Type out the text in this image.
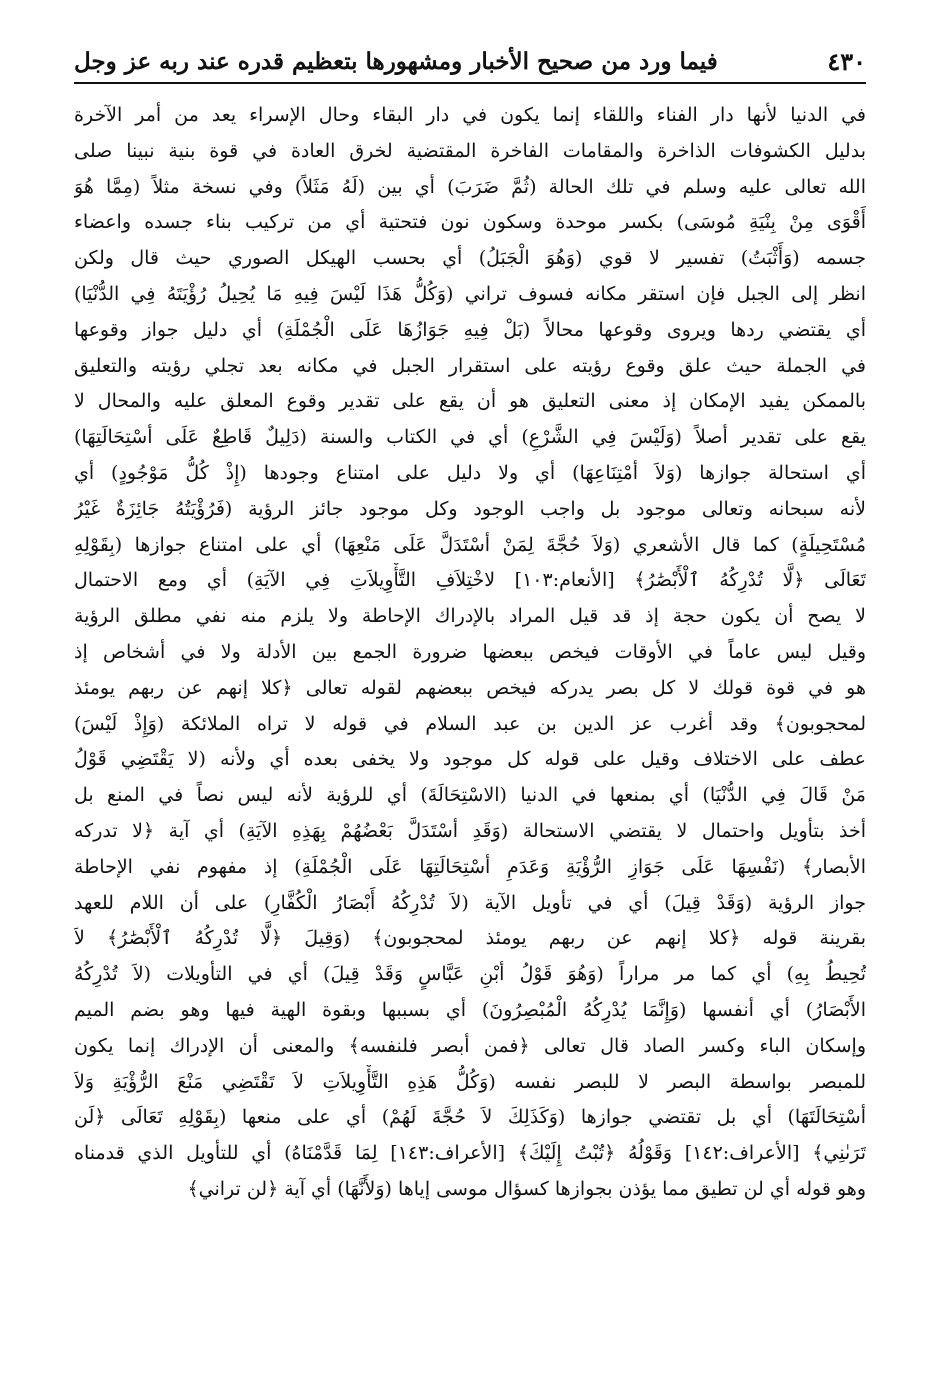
٤٣٠
فيما ورد من صحيح الأخبار ومشهورها بتعظيم قدره عند ربه عز وجل
في الدنيا لأنها دار الفناء واللقاء إنما يكون في دار البقاء وحال الإسراء يعد من أمر الآخرة
بدليل الكشوفات الذاخرة والمقامات الفاخرة المقتضية لخرق العادة في قوة بنية نبينا صلى
الله تعالى عليه وسلم في تلك الحالة (ثُمَّ ضَرَبَ) أي بين (لَهُ مَثَلاً) وفي نسخة مثلاً (مِمَّا هُوَ
أَقْوَى مِنْ بِنْيَةِ مُوسَى) بكسر موحدة وسكون نون فتحتية أي من تركيب بناء جسده واعضاء
جسمه (وَأَثْبَتُ) تفسير لا قوي (وَهُوَ الْجَبَلُ) أي بحسب الهيكل الصوري حيث قال ولكن
انظر إلى الجبل فإن استقر مكانه فسوف تراني (وَكُلُّ هَذَا لَيْسَ فِيهِ مَا يُحِيلُ رُؤْيَتَهُ فِي الدُّنْيَا)
أي يقتضي ردها ويروى وقوعها محالاً (بَلْ فِيهِ جَوَازُهَا عَلَى الْجُمْلَةِ) أي دليل جواز وقوعها
في الجملة حيث علق وقوع رؤيته على استقرار الجبل في مكانه بعد تجلي رؤيته والتعليق
بالممكن يفيد الإمكان إذ معنى التعليق هو أن يقع على تقدير وقوع المعلق عليه والمحال لا
يقع على تقدير أصلاً (وَلَيْسَ فِي الشَّرْعِ) أي في الكتاب والسنة (دَلِيلٌ قَاطِعٌ عَلَى أسْتِحَالَتِهَا)
أي استحالة جوازها (وَلاَ أمْتِنَاعِهَا) أي ولا دليل على امتناع وجودها (إِذْ كُلُّ مَوْجُودٍ) أي
لأنه سبحانه وتعالى موجود بل واجب الوجود وكل موجود جائز الرؤية (فَرُؤْيَتُهُ جَائِزَةٌ غَيْرُ
مُسْتَحِيلَةٍ) كما قال الأشعري (وَلاَ حُجَّةَ لِمَنْ أسْتَدَلَّ عَلَى مَنْعِهَا) أي على امتناع جوازها (بِقَوْلِهِ
تَعَالَى ﴿لَّا تُدْرِكُهُ ٱلْأَبْصَٰرُ﴾ [الأنعام:١٠٣] لاخْتِلاَفِ التَّأْوِيلاَتِ فِي الآيَةِ) أي ومع الاحتمال
لا يصح أن يكون حجة إذ قد قيل المراد بالإدراك الإحاطة ولا يلزم منه نفي مطلق الرؤية
وقيل ليس عاماً في الأوقات فيخص ببعضها ضرورة الجمع بين الأدلة ولا في أشخاص إذ
هو في قوة قولك لا كل بصر يدركه فيخص ببعضهم لقوله تعالى ﴿كلا إنهم عن ربهم يومئذ
لمحجوبون﴾ وقد أغرب عز الدين بن عبد السلام في قوله لا تراه الملائكة (وَإِذْ لَيْسَ)
عطف على الاختلاف وقيل على قوله كل موجود ولا يخفى بعده أي ولأنه (لا يَقْتَضِي قَوْلُ
مَنْ قَالَ فِي الدُّنْيَا) أي بمنعها في الدنيا (الاسْتِحَالَةَ) أي للرؤية لأنه ليس نصاً في المنع بل
أخذ بتأويل واحتمال لا يقتضي الاستحالة (وَقَدِ أسْتَدَلَّ بَعْضُهُمْ بِهَذِهِ الآيَةِ) أي آية ﴿لا تدركه
الأبصار﴾ (نَفْسِهَا عَلَى جَوَازِ الرُّؤْيَةِ وَعَدَمِ أسْتِحَالَتِهَا عَلَى الْجُمْلَةِ) إذ مفهوم نفي الإحاطة
جواز الرؤية (وَقَدْ قِيلَ) أي في تأويل الآية (لاَ تُدْرِكُهُ أَبْصَارُ الْكُفَّارِ) على أن اللام للعهد
بقرينة قوله ﴿كلا إنهم عن ربهم يومئذ لمحجوبون﴾ (وَقِيلَ ﴿لَّا تُدْرِكُهُ ٱلْأَبْصَٰرُ﴾ لاَ
تُحِيطُ بِهِ) أي كما مر مراراً (وَهُوَ قَوْلُ أبْنِ عَبَّاسٍ وَقَدْ قِيلَ) أي في التأويلات (لاَ تُدْرِكُهُ
الأَبْصَارُ) أي أنفسها (وَإِنَّمَا يُدْرِكُهُ الْمُبْصِرُونَ) أي بسببها وبقوة الهية فيها وهو بضم الميم
وإسكان الباء وكسر الصاد قال تعالى ﴿فمن أبصر فلنفسه﴾ والمعنى أن الإدراك إنما يكون
للمبصر بواسطة البصر لا للبصر نفسه (وَكُلُّ هَذِهِ التَّأْوِيلاَتِ لاَ تَقْتَضِي مَنْعَ الرُّؤْيَةِ وَلاَ
أسْتِحَالَتَهَا) أي بل تقتضي جوازها (وَكَذَلِكَ لاَ حُجَّةَ لَهُمْ) أي على منعها (بِقَوْلِهِ تَعَالَى ﴿لَن
تَرَىٰنِي﴾ [الأعراف:١٤٢] وَقَوْلُهُ ﴿تُبْتُ إِلَيْكَ﴾ [الأعراف:١٤٣] لِمَا قَدَّمْنَاهُ) أي للتأويل الذي قدمناه
وهو قوله أي لن تطيق مما يؤذن بجوازها كسؤال موسى إياها (وَلأَنَّهَا) أي آية ﴿لن تراني﴾
